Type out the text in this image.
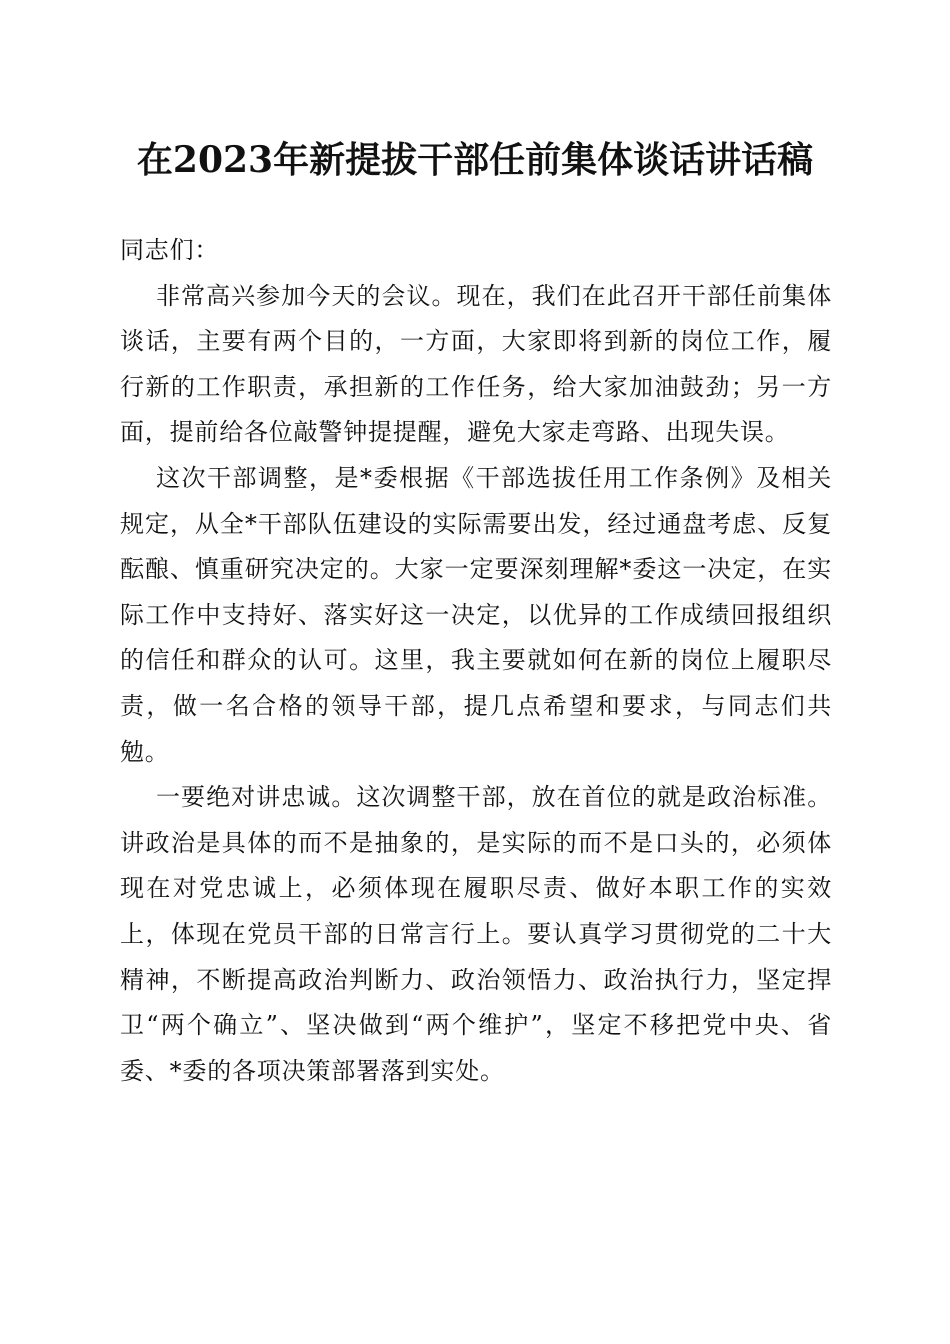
在2023年新提拔干部任前集体谈话讲话稿

同志们：

非常高兴参加今天的会议。现在，我们在此召开干部任前集体谈话，主要有两个目的，一方面，大家即将到新的岗位工作，履行新的工作职责，承担新的工作任务，给大家加油鼓劲；另一方面，提前给各位敲警钟提提醒，避免大家走弯路、出现失误。

这次干部调整，是*委根据《干部选拔任用工作条例》及相关规定，从全*干部队伍建设的实际需要出发，经过通盘考虑、反复酝酿、慎重研究决定的。大家一定要深刻理解*委这一决定，在实际工作中支持好、落实好这一决定，以优异的工作成绩回报组织的信任和群众的认可。这里，我主要就如何在新的岗位上履职尽责，做一名合格的领导干部，提几点希望和要求，与同志们共勉。

一要绝对讲忠诚。这次调整干部，放在首位的就是政治标准。讲政治是具体的而不是抽象的，是实际的而不是口头的，必须体现在对党忠诚上，必须体现在履职尽责、做好本职工作的实效上，体现在党员干部的日常言行上。要认真学习贯彻党的二十大精神，不断提高政治判断力、政治领悟力、政治执行力，坚定捍卫“两个确立”、坚决做到“两个维护”，坚定不移把党中央、省委、*委的各项决策部署落到实处。
